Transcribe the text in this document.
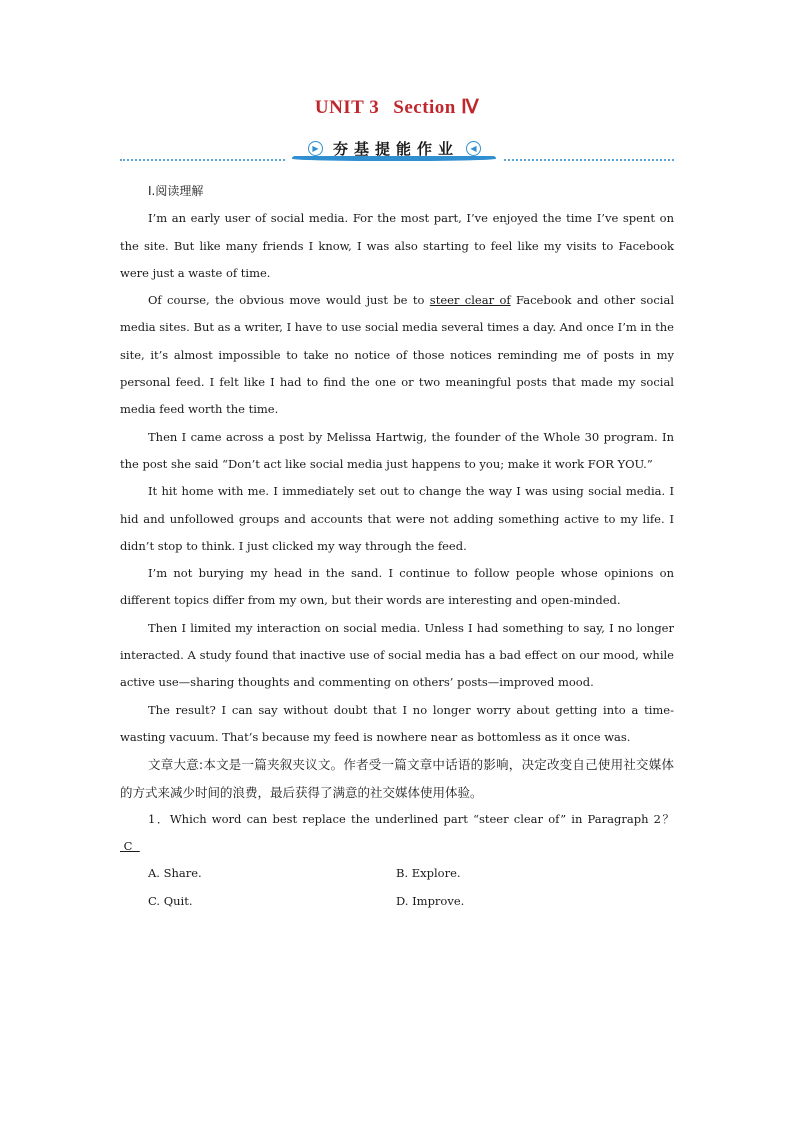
UNIT 3 Section Ⅳ
▶ 夯基提能作业	◀

Ⅰ.阅读理解

I’m an early user of social media. For the most part, I’ve enjoyed the time I’ve spent on the site. But like many friends I know, I was also starting to feel like my visits to Facebook were just a waste of time.

Of course, the obvious move would just be to steer clear of Facebook and other social media sites. But as a writer, I have to use social media several times a day. And once I’m in the site, it’s almost impossible to take no notice of those notices reminding me of posts in my personal feed. I felt like I had to find the one or two meaningful posts that made my social media feed worth the time.

Then I came across a post by Melissa Hartwig, the founder of the Whole 30 program. In the post she said “Don’t act like social media just happens to you; make it work FOR YOU.”

It hit home with me. I immediately set out to change the way I was using social media. I hid and unfollowed groups and accounts that were not adding something active to my life. I didn’t stop to think. I just clicked my way through the feed.

I’m not burying my head in the sand. I continue to follow people whose opinions on different topics differ from my own, but their words are interesting and open-minded.

Then I limited my interaction on social media. Unless I had something to say, I no longer interacted. A study found that inactive use of social media has a bad effect on our mood, while active use—sharing thoughts and commenting on others’ posts—improved mood.

The result? I can say without doubt that I no longer worry about getting into a time-wasting vacuum. That’s because my feed is nowhere near as bottomless as it once was.

文章大意:本文是一篇夹叙夹议文。作者受一篇文章中话语的影响，决定改变自己使用社交媒体的方式来减少时间的浪费，最后获得了满意的社交媒体使用体验。

1．Which word can best replace the underlined part “steer clear of” in Paragraph 2？ C

A. Share.	B. Explore.
C. Quit.	D. Improve.
